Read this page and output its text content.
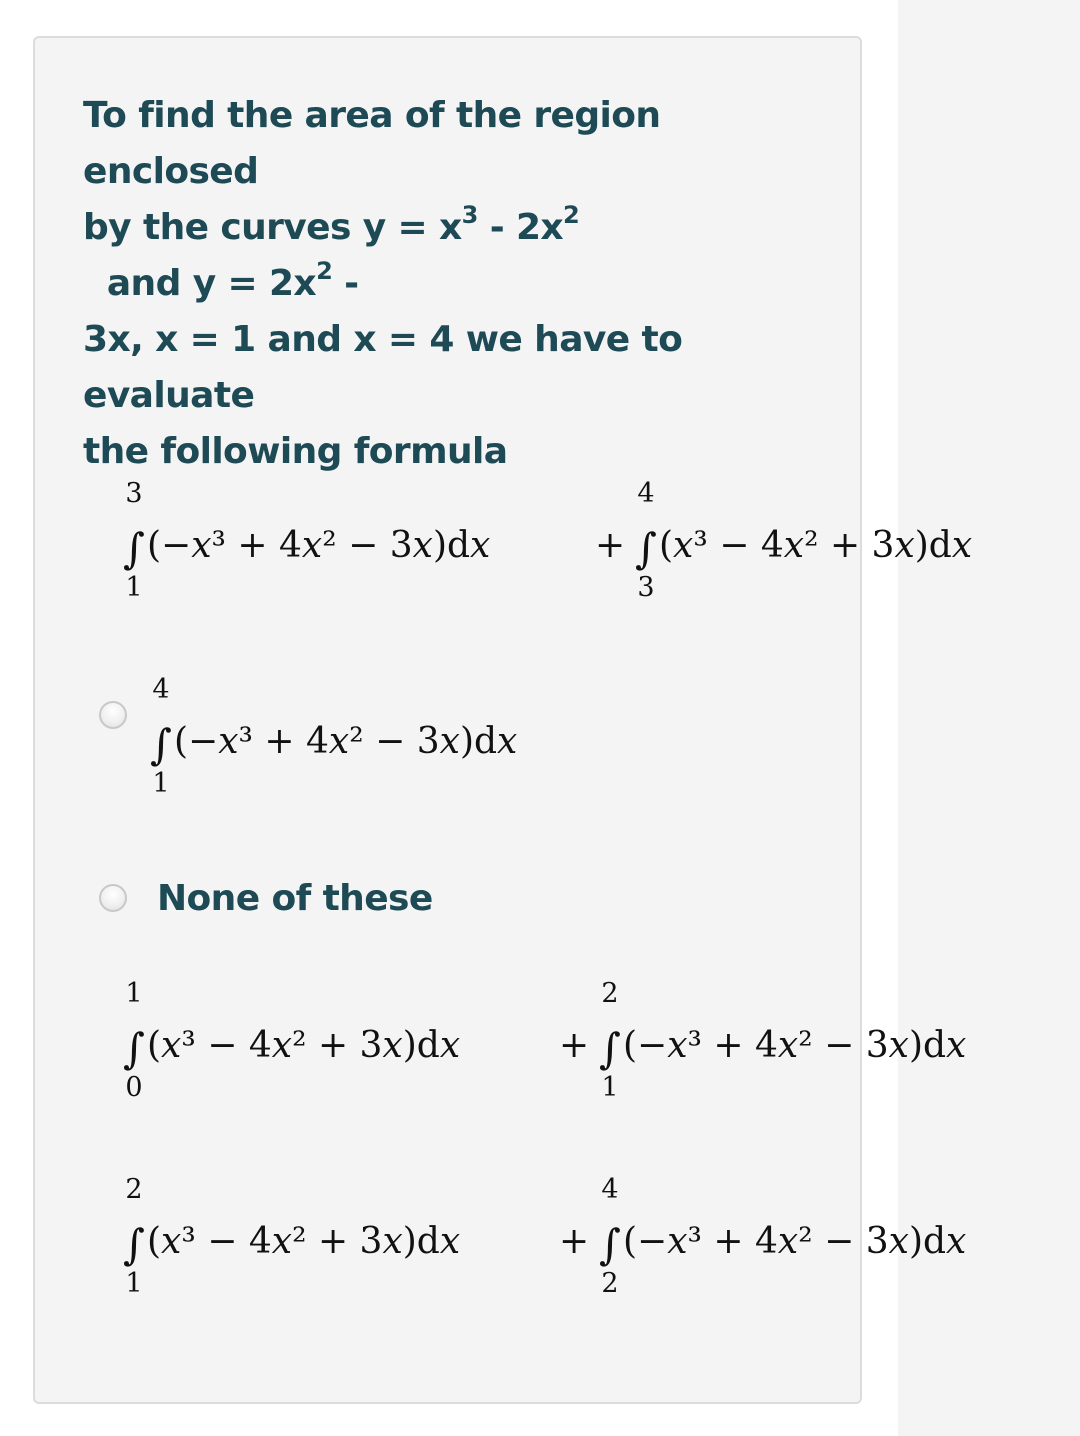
To find the area of the region enclosed
by the curves $y = x^3 - 2x^2$  and $y = 2x^2$ -
3x, x = 1 and x = 4 we have to evaluate
the following formula

3
∫
1
(−x³ + 4x² − 3x)dx	+
4
∫
3
(x³ − 4x² + 3x)dx
4
∫
1
(−x³ + 4x² − 3x)dx
None of these
1
∫
0
(x³ − 4x² + 3x)dx	+
2
∫
1
(−x³ + 4x² − 3x)dx
2
∫
1
(x³ − 4x² + 3x)dx	+
4
∫
2
(−x³ + 4x² − 3x)dx
